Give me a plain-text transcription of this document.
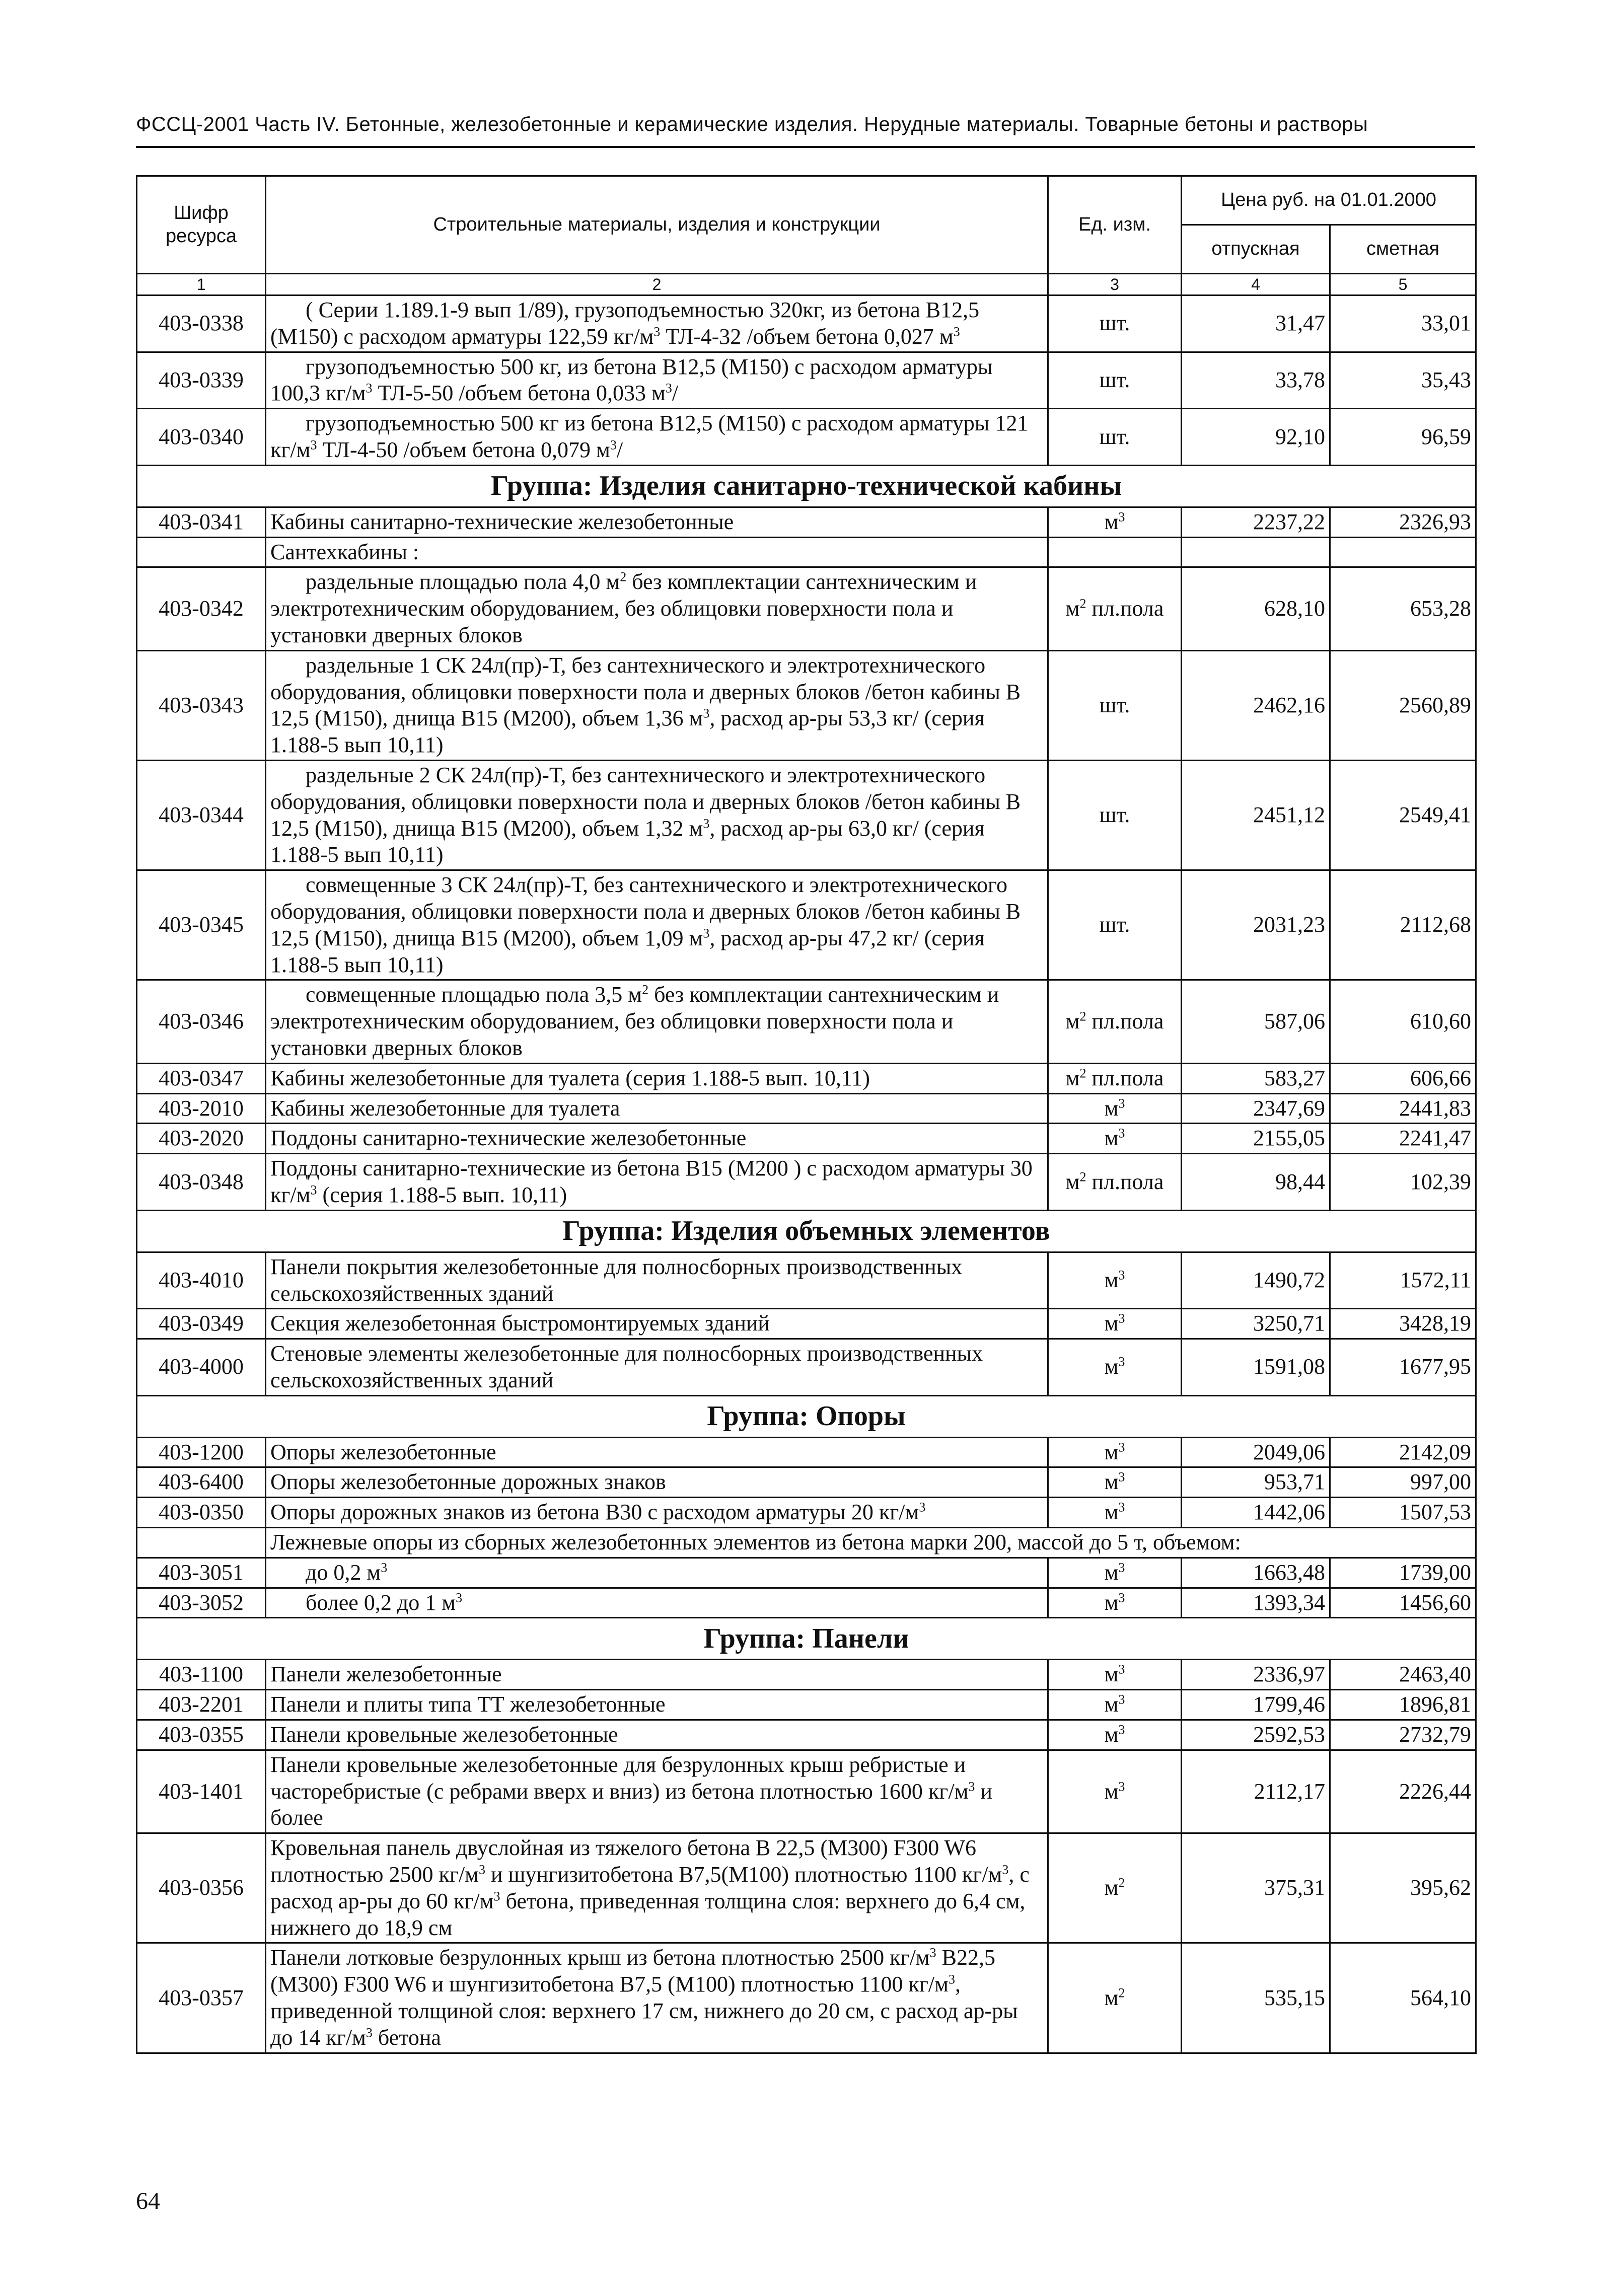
ФССЦ-2001 Часть IV. Бетонные, железобетонные и керамические изделия. Нерудные материалы. Товарные бетоны и растворы
Шифр ресурса	Строительные материалы, изделия и конструкции	Ед. изм.	Цена руб. на 01.01.2000	
			отпускная	сметная
1	2	3	4	5
403-0338	( Серии 1.189.1-9 вып 1/89), грузоподъемностью 320кг, из бетона В12,5 (М150) с расходом арматуры 122,59 $кг/м^3$ ТЛ-4-32 /объем бетона 0,027 $м^3$	шт.	31,47	33,01
403-0339	грузоподъемностью 500 кг, из бетона В12,5 (М150) с расходом арматуры 100,3 $кг/м^3$ ТЛ-5-50 /объем бетона 0,033 $м^3/$	шт.	33,78	35,43
403-0340	грузоподъемностью 500 кг из бетона В12,5 (М150) с расходом арматуры 121 $кг/м^3$ ТЛ-4-50 /объем бетона 0,079 $м^3/$	шт.	92,10	96,59
Группа: Изделия санитарно-технической кабины				
403-0341	Кабины санитарно-технические железобетонные	$м^3$	2237,22	2326,93
	Сантехкабины :			
403-0342	раздельные площадью пола 4,0 $м^2$ без комплектации сантехническим и электротехническим оборудованием, без облицовки поверхности пола и установки дверных блоков	$м^2$ пл.пола	628,10	653,28
403-0343	раздельные 1 СК 24л(пр)-Т, без сантехнического и электротехнического оборудования, облицовки поверхности пола и дверных блоков /бетон кабины В 12,5 (М150), днища В15 (М200), объем 1,36 $м^3$, расход ар-ры 53,3 кг/ (серия 1.188-5 вып 10,11)	шт.	2462,16	2560,89
403-0344	раздельные 2 СК 24л(пр)-Т, без сантехнического и электротехнического оборудования, облицовки поверхности пола и дверных блоков /бетон кабины В 12,5 (М150), днища В15 (М200), объем 1,32 $м^3$, расход ар-ры 63,0 кг/ (серия 1.188-5 вып 10,11)	шт.	2451,12	2549,41
403-0345	совмещенные 3 СК 24л(пр)-Т, без сантехнического и электротехнического оборудования, облицовки поверхности пола и дверных блоков /бетон кабины В 12,5 (М150), днища В15 (М200), объем 1,09 $м^3$, расход ар-ры 47,2 кг/ (серия 1.188-5 вып 10,11)	шт.	2031,23	2112,68
403-0346	совмещенные площадью пола 3,5 $м^2$ без комплектации сантехническим и электротехническим оборудованием, без облицовки поверхности пола и установки дверных блоков	$м^2$ пл.пола	587,06	610,60
403-0347	Кабины железобетонные для туалета (серия 1.188-5 вып. 10,11)	$м^2$ пл.пола	583,27	606,66
403-2010	Кабины железобетонные для туалета	$м^3$	2347,69	2441,83
403-2020	Поддоны санитарно-технические железобетонные	$м^3$	2155,05	2241,47
403-0348	Поддоны санитарно-технические из бетона В15 (М200 ) с расходом арматуры 30 $кг/м^3$ (серия 1.188-5 вып. 10,11)	$м^2$ пл.пола	98,44	102,39
Группа: Изделия объемных элементов				
403-4010	Панели покрытия железобетонные для полносборных производственных сельскохозяйственных зданий	$м^3$	1490,72	1572,11
403-0349	Секция железобетонная быстромонтируемых зданий	$м^3$	3250,71	3428,19
403-4000	Стеновые элементы железобетонные для полносборных производственных сельскохозяйственных зданий	$м^3$	1591,08	1677,95
Группа: Опоры				
403-1200	Опоры железобетонные	$м^3$	2049,06	2142,09
403-6400	Опоры железобетонные дорожных знаков	$м^3$	953,71	997,00
403-0350	Опоры дорожных знаков из бетона В30 с расходом арматуры 20 $кг/м^3$	$м^3$	1442,06	1507,53
	Лежневые опоры из сборных железобетонных элементов из бетона марки 200, массой до 5 т, объемом:			
403-3051	до 0,2 $м^3$	$м^3$	1663,48	1739,00
403-3052	более 0,2 до 1 $м^3$	$м^3$	1393,34	1456,60
Группа: Панели				
403-1100	Панели железобетонные	$м^3$	2336,97	2463,40
403-2201	Панели и плиты типа ТТ железобетонные	$м^3$	1799,46	1896,81
403-0355	Панели кровельные железобетонные	$м^3$	2592,53	2732,79
403-1401	Панели кровельные железобетонные для безрулонных крыш ребристые и часторебристые (с ребрами вверх и вниз) из бетона плотностью 1600 $кг/м^3$ и более	$м^3$	2112,17	2226,44
403-0356	Кровельная панель двуслойная из тяжелого бетона В 22,5 (М300) F300 W6 плотностью 2500 $кг/м^3$ и шунгизитобетона В7,5(М100) плотностью 1100 $кг/м^3$, с расход ар-ры до 60 $кг/м^3$ бетона, приведенная толщина слоя: верхнего до 6,4 см, нижнего до 18,9 см	$м^2$	375,31	395,62
403-0357	Панели лотковые безрулонных крыш из бетона плотностью 2500 $кг/м^3$ В22,5 (М300) F300 W6 и шунгизитобетона В7,5 (М100) плотностью 1100 $кг/м^3$, приведенной толщиной слоя: верхнего 17 см, нижнего до 20 см, с расход ар-ры до 14 $кг/м^3$ бетона	$м^2$	535,15	564,10
64
